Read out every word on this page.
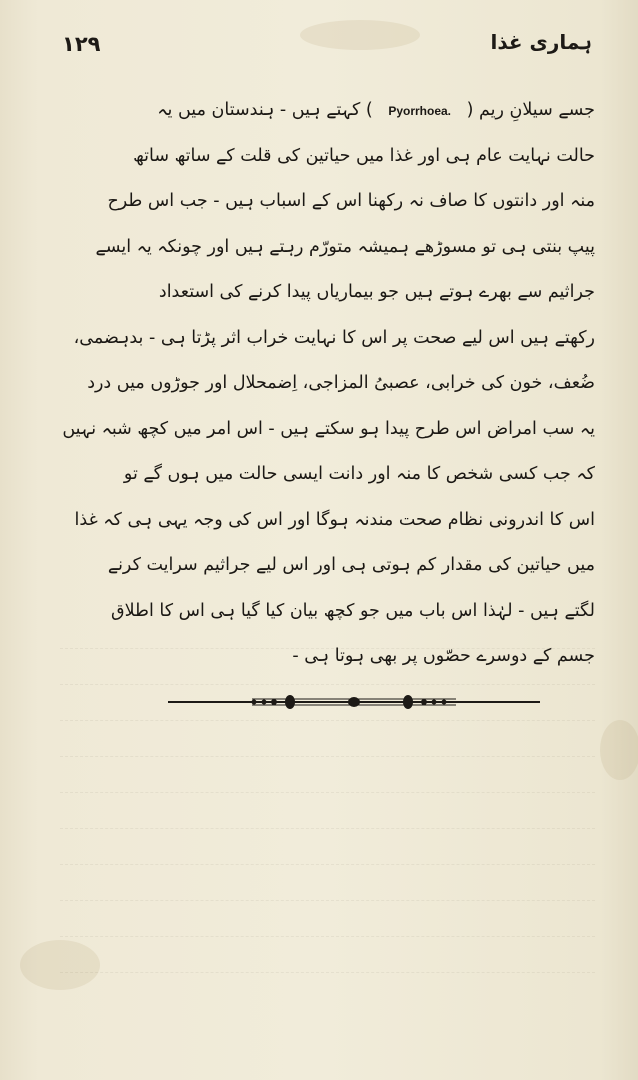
١٢٩	ہماری غذا
جسے سیلانِ ریم ( Pyorrhoea. ) کہتے ہیں - ہندستان میں یہ
حالت نہایت عام ہی اور غذا میں حیاتین کی قلت کے ساتھ ساتھ
منہ اور دانتوں کا صاف نہ رکھنا اس کے اسباب ہیں - جب اس طرح
پیپ بنتی ہی تو مسوڑھے ہمیشہ متورّم رہتے ہیں اور چونکہ یہ ایسے
جراثیم سے بھرے ہوتے ہیں جو بیماریاں پیدا کرنے کی استعداد
رکھتے ہیں اس لیے صحت پر اس کا نہایت خراب اثر پڑتا ہی - بدہضمی،
ضُعف، خون کی خرابی، عصبیُ المزاجی، اِضمحلال اور جوڑوں میں درد
یہ سب امراض اس طرح پیدا ہو سکتے ہیں - اس امر میں کچھ شبہ نہیں
کہ جب کسی شخص کا منہ اور دانت ایسی حالت میں ہوں گے تو
اس کا اندرونی نظام صحت مندنہ ہوگا اور اس کی وجہ یہی ہی کہ غذا
میں حیاتین کی مقدار کم ہوتی ہی اور اس لیے جراثیم سرایت کرنے
لگتے ہیں - لہٰذا اس باب میں جو کچھ بیان کیا گیا ہی اس کا اطلاق
جسم کے دوسرے حصّوں پر بھی ہوتا ہی -
